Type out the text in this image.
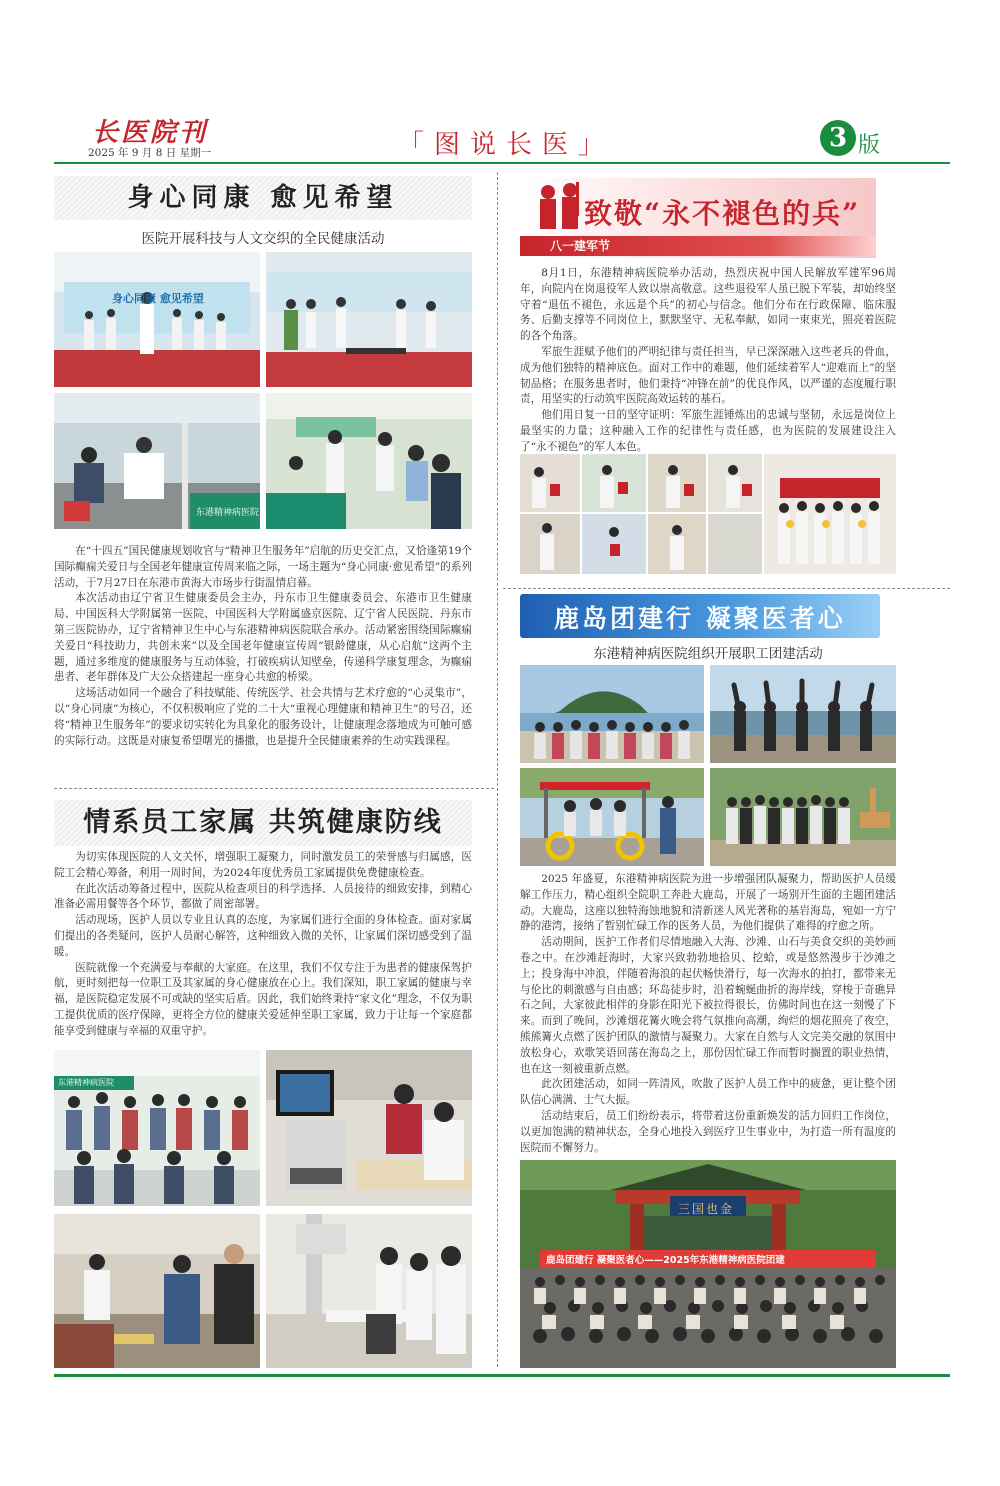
长医院刊
2025 年 9 月 8 日 星期一	「图说长医」	3 版
身心同康 愈见希望
医院开展科技与人文交织的全民健康活动
身心同康 愈见希望
东港精神病医院

在“十四五”国民健康规划收官与“精神卫生服务年”启航的历史交汇点，又恰逢第19个国际癫痫关爱日与全国老年健康宣传周来临之际，一场主题为“身心同康·愈见希望”的系列活动，于7月27日在东港市黄海大市场步行街温情启幕。

本次活动由辽宁省卫生健康委员会主办，丹东市卫生健康委员会、东港市卫生健康局、中国医科大学附属第一医院、中国医科大学附属盛京医院、辽宁省人民医院、丹东市第三医院协办，辽宁省精神卫生中心与东港精神病医院联合承办。活动紧密围绕国际癫痫关爱日“科技助力，共创未来”以及全国老年健康宣传周“银龄健康，从心启航”这两个主题，通过多维度的健康服务与互动体验，打破疾病认知壁垒，传递科学康复理念，为癫痫患者、老年群体及广大公众搭建起一座身心共愈的桥梁。

这场活动如同一个融合了科技赋能、传统医学、社会共情与艺术疗愈的“心灵集市”，以“身心同康”为核心，不仅积极响应了党的二十大“重视心理健康和精神卫生”的号召，还将“精神卫生服务年”的要求切实转化为具象化的服务设计，让健康理念落地成为可触可感的实际行动。这既是对康复希望曙光的播撒，也是提升全民健康素养的生动实践课程。

情系员工家属 共筑健康防线

为切实体现医院的人文关怀，增强职工凝聚力，同时激发员工的荣誉感与归属感，医院工会精心筹备，利用一周时间，为2024年度优秀员工家属提供免费健康检查。

在此次活动筹备过程中，医院从检查项目的科学选择、人员接待的细致安排，到精心准备必需用餐等各个环节，都做了周密部署。

活动现场，医护人员以专业且认真的态度，为家属们进行全面的身体检查。面对家属们提出的各类疑问，医护人员耐心解答，这种细致入微的关怀，让家属们深切感受到了温暖。

医院就像一个充满爱与奉献的大家庭。在这里，我们不仅专注于为患者的健康保驾护航，更时刻把每一位职工及其家属的身心健康放在心上。我们深知，职工家属的健康与幸福，是医院稳定发展不可或缺的坚实后盾。因此，我们始终秉持“家文化”理念，不仅为职工提供优质的医疗保障，更将全方位的健康关爱延伸至职工家属，致力于让每一个家庭都能享受到健康与幸福的双重守护。

东港精神病医院
致敬“永不褪色的兵”
八一建军节

8月1日，东港精神病医院举办活动，热烈庆祝中国人民解放军建军96周年，向院内在岗退役军人致以崇高敬意。这些退役军人虽已脱下军装，却始终坚守着“退伍不褪色，永远是个兵”的初心与信念。他们分布在行政保障、临床服务、后勤支撑等不同岗位上，默默坚守、无私奉献，如同一束束光，照亮着医院的各个角落。

军旅生涯赋予他们的严明纪律与责任担当，早已深深融入这些老兵的骨血，成为他们独特的精神底色。面对工作中的难题，他们延续着军人“迎难而上”的坚韧品格；在服务患者时，他们秉持“冲锋在前”的优良作风，以严谨的态度履行职责，用坚实的行动筑牢医院高效运转的基石。

他们用日复一日的坚守证明：军旅生涯锤炼出的忠诚与坚韧，永远是岗位上最坚实的力量；这种融入工作的纪律性与责任感，也为医院的发展建设注入了“永不褪色”的军人本色。

鹿岛团建行 凝聚医者心
东港精神病医院组织开展职工团建活动

2025 年盛夏，东港精神病医院为进一步增强团队凝聚力，帮助医护人员缓解工作压力，精心组织全院职工奔赴大鹿岛，开展了一场别开生面的主题团建活动。大鹿岛，这座以独特海蚀地貌和清新迷人风光著称的基岩海岛，宛如一方宁静的港湾，接纳了暂别忙碌工作的医务人员，为他们提供了难得的疗愈之所。

活动期间，医护工作者们尽情地融入大海、沙滩、山石与美食交织的美妙画卷之中。在沙滩赶海时，大家兴致勃勃地拾贝、挖蛤，或是悠然漫步于沙滩之上；投身海中冲浪，伴随着海浪的起伏畅快滑行，每一次海水的拍打，都带来无与伦比的刺激感与自由感；环岛徒步时，沿着蜿蜒曲折的海岸线，穿梭于奇礁异石之间，大家彼此相伴的身影在阳光下被拉得很长，仿佛时间也在这一刻慢了下来。而到了晚间，沙滩烟花篝火晚会将气氛推向高潮，绚烂的烟花照亮了夜空，熊熊篝火点燃了医护团队的激情与凝聚力。大家在自然与人文完美交融的氛围中放松身心，欢歌笑语回荡在海岛之上，那份因忙碌工作而暂时搁置的职业热情，也在这一刻被重新点燃。

此次团建活动，如同一阵清风，吹散了医护人员工作中的疲惫，更让整个团队信心满满、士气大振。

活动结束后，员工们纷纷表示，将带着这份重新焕发的活力回归工作岗位，以更加饱满的精神状态，全身心地投入到医疗卫生事业中，为打造一所有温度的医院而不懈努力。

三国也金
鹿岛团建行 凝聚医者心——2025年东港精神病医院团建
